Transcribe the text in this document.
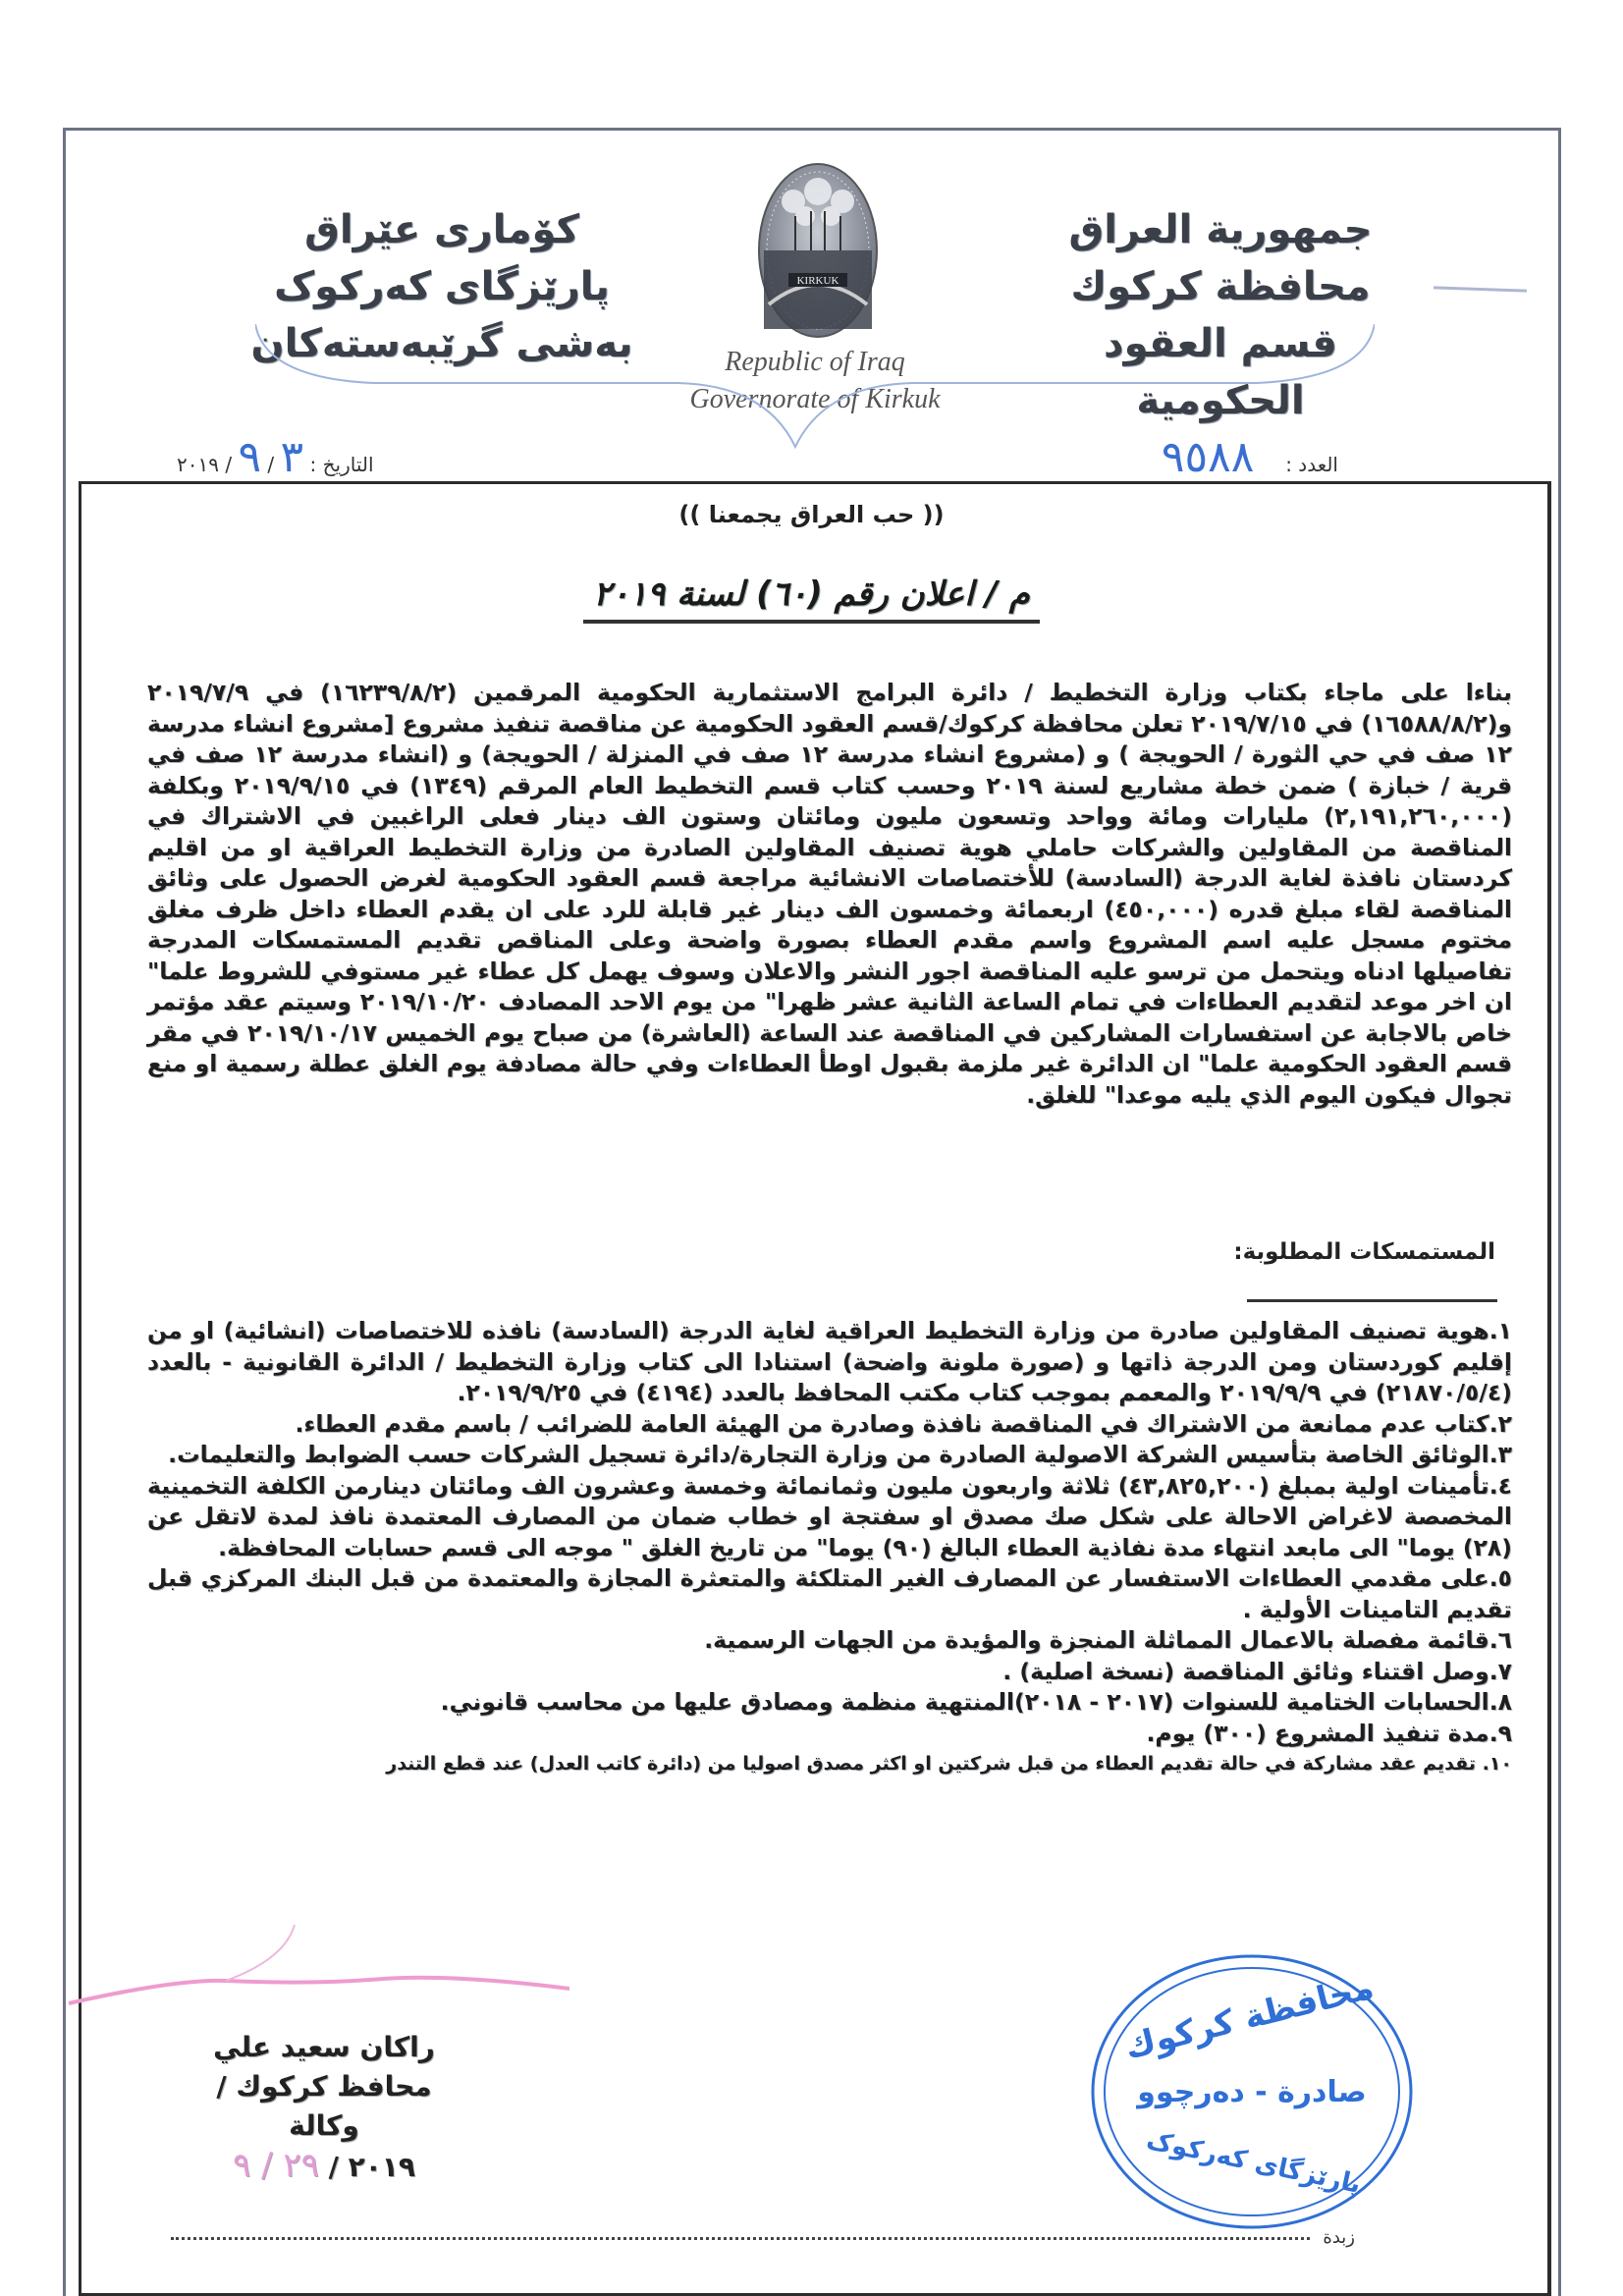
جمهورية العراق
محافظة كركوك
قسم العقود الحكومية
کۆماری عێراق
پارێزگای کەرکوک
بەشی گرێبەستەکان
KIRKUK
Republic of Iraq
Governorate of Kirkuk
العدد :     ٩٥٨٨
التاريخ : ٣ / ٩ / ٢٠١٩
(( حب العراق يجمعنا ))
م / اعلان رقم (٦٠) لسنة ٢٠١٩
بناءا على ماجاء بكتاب وزارة التخطيط / دائرة البرامج الاستثمارية الحكومية المرقمين (١٦٢٣٩/٨/٢) في ٢٠١٩/٧/٩ و(١٦٥٨٨/٨/٢) في ٢٠١٩/٧/١٥ تعلن محافظة كركوك/قسم العقود الحكومية عن مناقصة تنفيذ مشروع [مشروع انشاء مدرسة ١٢ صف في حي الثورة / الحويجة ) و (مشروع انشاء مدرسة ١٢ صف في المنزلة / الحويجة) و (انشاء مدرسة ١٢ صف في قرية / خبازة ) ضمن خطة مشاريع لسنة ٢٠١٩ وحسب كتاب قسم التخطيط العام المرقم (١٣٤٩) في ٢٠١٩/٩/١٥ وبكلفة (٢,١٩١,٢٦٠,٠٠٠) مليارات ومائة وواحد وتسعون مليون ومائتان وستون الف دينار فعلى الراغبين في الاشتراك في المناقصة من المقاولين والشركات حاملي هوية تصنيف المقاولين الصادرة من وزارة التخطيط العراقية او من اقليم كردستان نافذة لغاية الدرجة (السادسة) للأختصاصات الانشائية مراجعة قسم العقود الحكومية لغرض الحصول على وثائق المناقصة لقاء مبلغ قدره (٤٥٠,٠٠٠) اربعمائة وخمسون الف دينار غير قابلة للرد على ان يقدم العطاء داخل ظرف مغلق مختوم مسجل عليه اسم المشروع واسم مقدم العطاء بصورة واضحة وعلى المناقص تقديم المستمسكات المدرجة تفاصيلها ادناه ويتحمل من ترسو عليه المناقصة اجور النشر والاعلان وسوف يهمل كل عطاء غير مستوفي للشروط علما" ان اخر موعد لتقديم العطاءات في تمام الساعة الثانية عشر ظهرا" من يوم الاحد المصادف ٢٠١٩/١٠/٢٠ وسيتم عقد مؤتمر خاص بالاجابة عن استفسارات المشاركين في المناقصة عند الساعة (العاشرة) من صباح يوم الخميس ٢٠١٩/١٠/١٧ في مقر قسم العقود الحكومية علما" ان الدائرة غير ملزمة بقبول اوطأ العطاءات وفي حالة مصادفة يوم الغلق عطلة رسمية او منع تجوال فيكون اليوم الذي يليه موعدا" للغلق.
المستمسكات المطلوبة:
١.هوية تصنيف المقاولين صادرة من وزارة التخطيط العراقية لغاية الدرجة (السادسة) نافذه للاختصاصات (انشائية) او من إقليم كوردستان ومن الدرجة ذاتها و (صورة ملونة واضحة) استنادا الى كتاب وزارة التخطيط / الدائرة القانونية - بالعدد (٢١٨٧٠/٥/٤) في ٢٠١٩/٩/٩ والمعمم بموجب كتاب مكتب المحافظ بالعدد (٤١٩٤) في ٢٠١٩/٩/٢٥.
٢.كتاب عدم ممانعة من الاشتراك في المناقصة نافذة وصادرة من الهيئة العامة للضرائب / باسم مقدم العطاء.
٣.الوثائق الخاصة بتأسيس الشركة الاصولية الصادرة من وزارة التجارة/دائرة تسجيل الشركات حسب الضوابط والتعليمات.
٤.تأمينات اولية بمبلغ (٤٣,٨٢٥,٢٠٠) ثلاثة واربعون مليون وثمانمائة وخمسة وعشرون الف ومائتان دينارمن الكلفة التخمينية المخصصة لاغراض الاحالة على شكل صك مصدق او سفتجة او خطاب ضمان من المصارف المعتمدة نافذ لمدة لاتقل عن (٢٨) يوما" الى مابعد انتهاء مدة نفاذية العطاء البالغ (٩٠) يوما" من تاريخ الغلق " موجه الى قسم حسابات المحافظة.
٥.على مقدمي العطاءات الاستفسار عن المصارف الغير المتلكئة والمتعثرة المجازة والمعتمدة من قبل البنك المركزي قبل تقديم التامينات الأولية .
٦.قائمة مفصلة بالاعمال المماثلة المنجزة والمؤيدة من الجهات الرسمية.
٧.وصل اقتناء وثائق المناقصة (نسخة اصلية) .
٨.الحسابات الختامية للسنوات (٢٠١٧ - ٢٠١٨)المنتهية منظمة ومصادق عليها من محاسب قانوني.
٩.مدة تنفيذ المشروع (٣٠٠) يوم.
١٠. تقديم عقد مشاركة في حالة تقديم العطاء من قبل شركتين او اكثر مصدق اصوليا من (دائرة كاتب العدل) عند قطع التندر
راكان سعيد علي
محافظ كركوك / وكالة
٢٠١٩ / ٢٩ / ٩
محافظة كركوك
صادرة - دەرچوو
پارێزگای کەرکوک
زبدة
